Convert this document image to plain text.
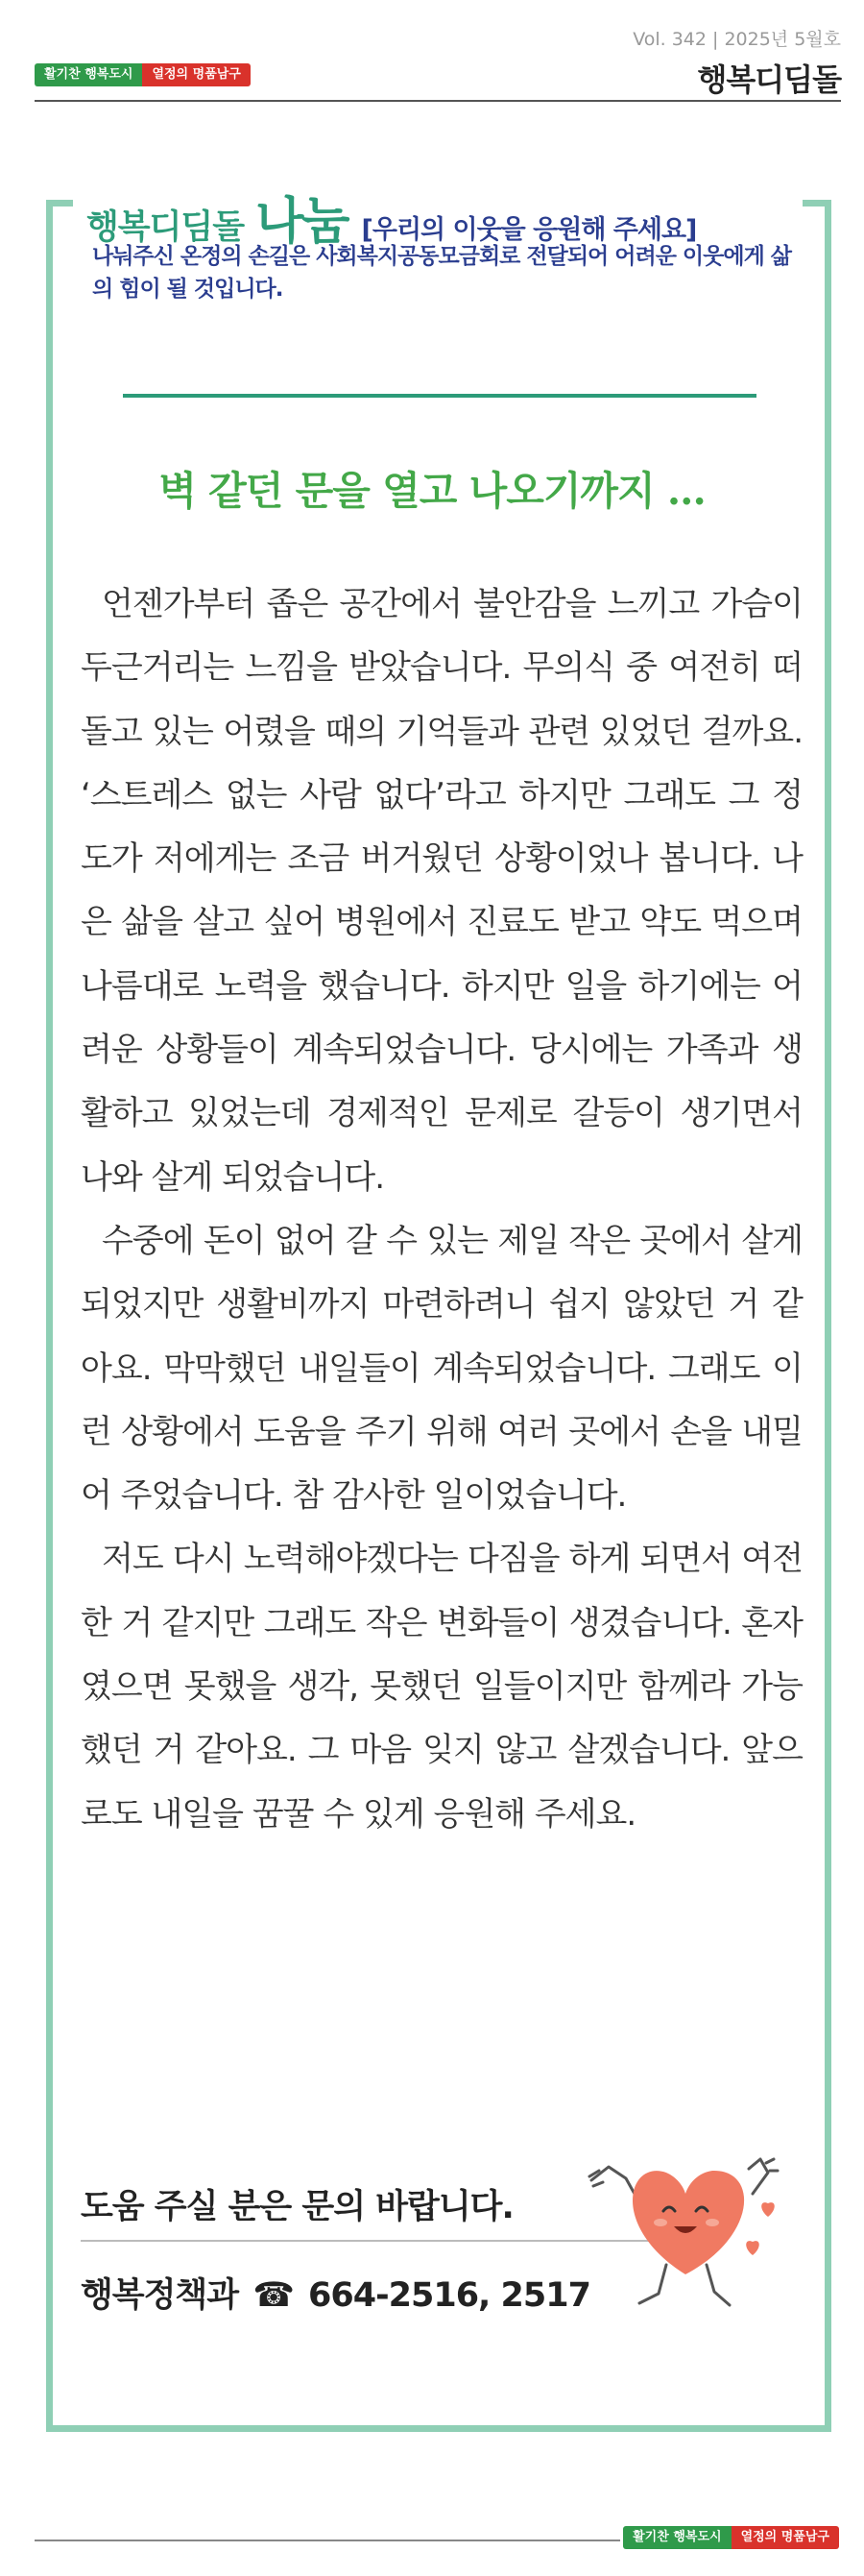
Vol. 342 | 2025년 5월호
행복디딤돌
활기찬 행복도시	열정의 명품남구
행복디딤돌 나눔 [우리의 이웃을 응원해 주세요]
나눠주신 온정의 손길은 사회복지공동모금회로 전달되어 어려운 이웃에게 삶의 힘이 될 것입니다.
벽 같던 문을 열고 나오기까지 ...

언젠가부터 좁은 공간에서 불안감을 느끼고 가슴이 두근거리는 느낌을 받았습니다. 무의식 중 여전히 떠돌고 있는 어렸을 때의 기억들과 관련 있었던 걸까요. ‘스트레스 없는 사람 없다’라고 하지만 그래도 그 정도가 저에게는 조금 버거웠던 상황이었나 봅니다. 나은 삶을 살고 싶어 병원에서 진료도 받고 약도 먹으며 나름대로 노력을 했습니다. 하지만 일을 하기에는 어려운 상황들이 계속되었습니다. 당시에는 가족과 생활하고 있었는데 경제적인 문제로 갈등이 생기면서 나와 살게 되었습니다.

수중에 돈이 없어 갈 수 있는 제일 작은 곳에서 살게 되었지만 생활비까지 마련하려니 쉽지 않았던 거 같아요. 막막했던 내일들이 계속되었습니다. 그래도 이런 상황에서 도움을 주기 위해 여러 곳에서 손을 내밀어 주었습니다. 참 감사한 일이었습니다.

저도 다시 노력해야겠다는 다짐을 하게 되면서 여전한 거 같지만 그래도 작은 변화들이 생겼습니다. 혼자였으면 못했을 생각, 못했던 일들이지만 함께라 가능했던 거 같아요. 그 마음 잊지 않고 살겠습니다. 앞으로도 내일을 꿈꿀 수 있게 응원해 주세요.

도움 주실 분은 문의 바랍니다.
행복정책과 ☎ 664-2516, 2517
활기찬 행복도시	열정의 명품남구
